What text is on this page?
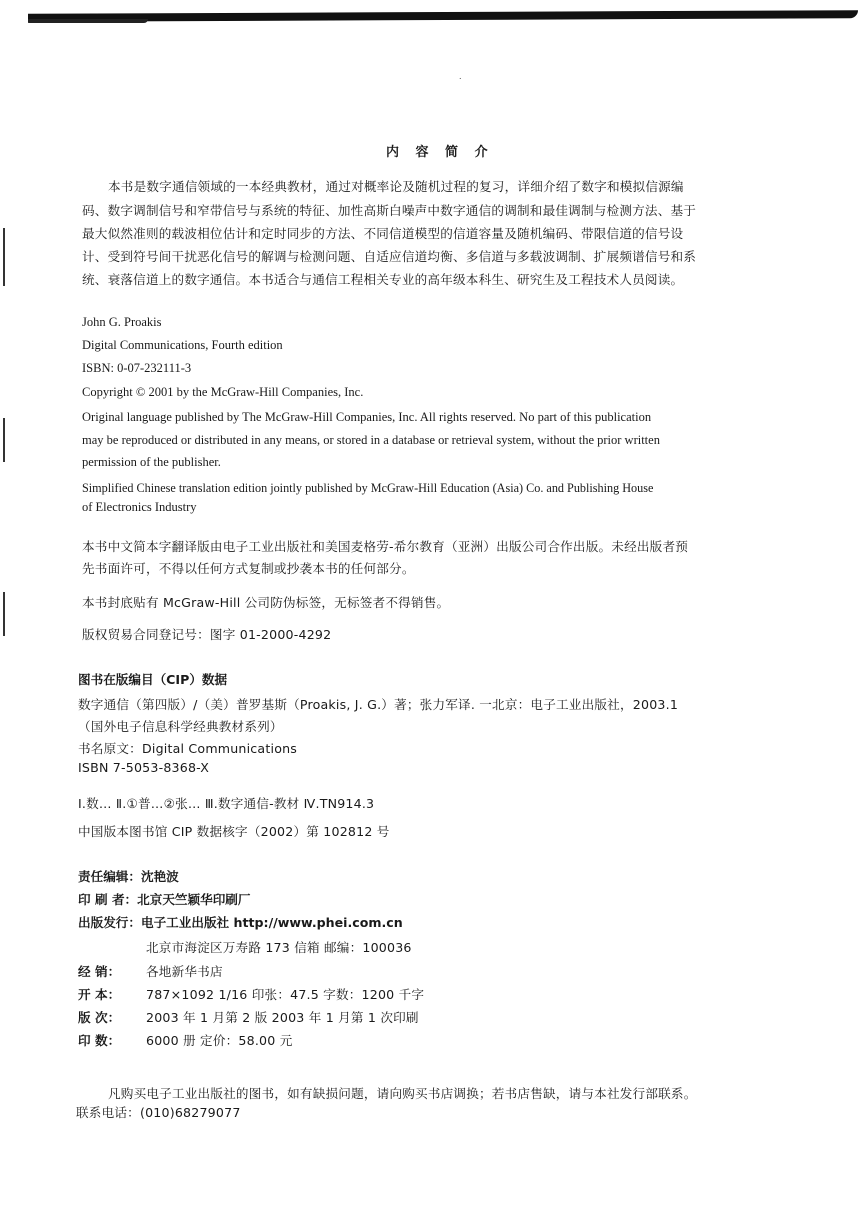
˙
内 容 简 介
本书是数字通信领域的一本经典教材，通过对概率论及随机过程的复习，详细介绍了数字和模拟信源编
码、数字调制信号和窄带信号与系统的特征、加性高斯白噪声中数字通信的调制和最佳调制与检测方法、基于
最大似然准则的载波相位估计和定时同步的方法、不同信道模型的信道容量及随机编码、带限信道的信号设
计、受到符号间干扰恶化信号的解调与检测问题、自适应信道均衡、多信道与多载波调制、扩展频谱信号和系
统、衰落信道上的数字通信。本书适合与通信工程相关专业的高年级本科生、研究生及工程技术人员阅读。
John G. Proakis
Digital Communications, Fourth edition
ISBN: 0-07-232111-3
Copyright © 2001 by the McGraw-Hill Companies, Inc.
Original language published by The McGraw-Hill Companies, Inc. All rights reserved. No part of this publication
may be reproduced or distributed in any means, or stored in a database or retrieval system, without the prior written
permission of the publisher.
Simplified Chinese translation edition jointly published by McGraw-Hill Education (Asia) Co. and Publishing House
of Electronics Industry
本书中文简本字翻译版由电子工业出版社和美国麦格劳-希尔教育（亚洲）出版公司合作出版。未经出版者预
先书面许可，不得以任何方式复制或抄袭本书的任何部分。
本书封底贴有 McGraw-Hill 公司防伪标签，无标签者不得销售。
版权贸易合同登记号：图字 01-2000-4292
图书在版编目（CIP）数据
数字通信（第四版）/（美）普罗基斯（Proakis, J. G.）著；张力军译. 一北京：电子工业出版社，2003.1
（国外电子信息科学经典教材系列）
书名原文：Digital Communications
ISBN 7-5053-8368-X
Ⅰ.数… Ⅱ.①普…②张… Ⅲ.数字通信-教材 Ⅳ.TN914.3
中国版本图书馆 CIP 数据核字（2002）第 102812 号
责任编辑：沈艳波
印 刷 者：北京天竺颖华印刷厂
出版发行：电子工业出版社 http://www.phei.com.cn
北京市海淀区万寿路 173 信箱 邮编：100036
经 销： 各地新华书店
开 本： 787×1092 1/16 印张：47.5 字数：1200 千字
版 次： 2003 年 1 月第 2 版 2003 年 1 月第 1 次印刷
印 数： 6000 册 定价：58.00 元
凡购买电子工业出版社的图书，如有缺损问题，请向购买书店调换；若书店售缺，请与本社发行部联系。
联系电话：(010)68279077
